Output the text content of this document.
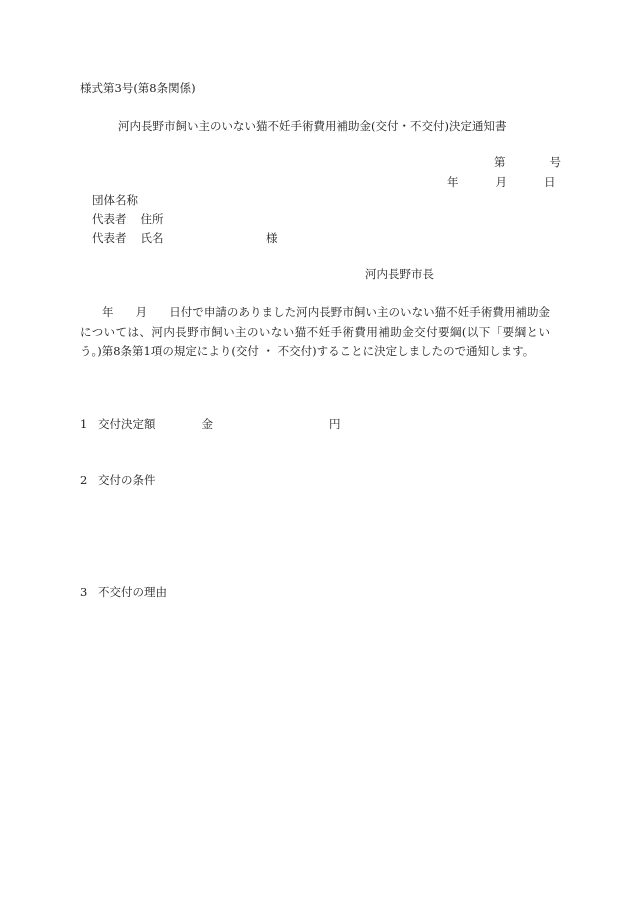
様式第3号(第8条関係)
河内長野市飼い主のいない猫不妊手術費用補助金(交付・不交付)決定通知書
第	号
年	月	日
団体名称
代表者 住所
代表者 氏名	様
河内長野市長

年 月 日付で申請のありました河内長野市飼い主のいない猫不妊手術費用補助金については、河内長野市飼い主のいない猫不妊手術費用補助金交付要綱(以下「要綱という。)第8条第1項の規定により(交付 ・ 不交付)することに決定しましたので通知します。

1 交付決定額	金	円
2 交付の条件
3 不交付の理由
